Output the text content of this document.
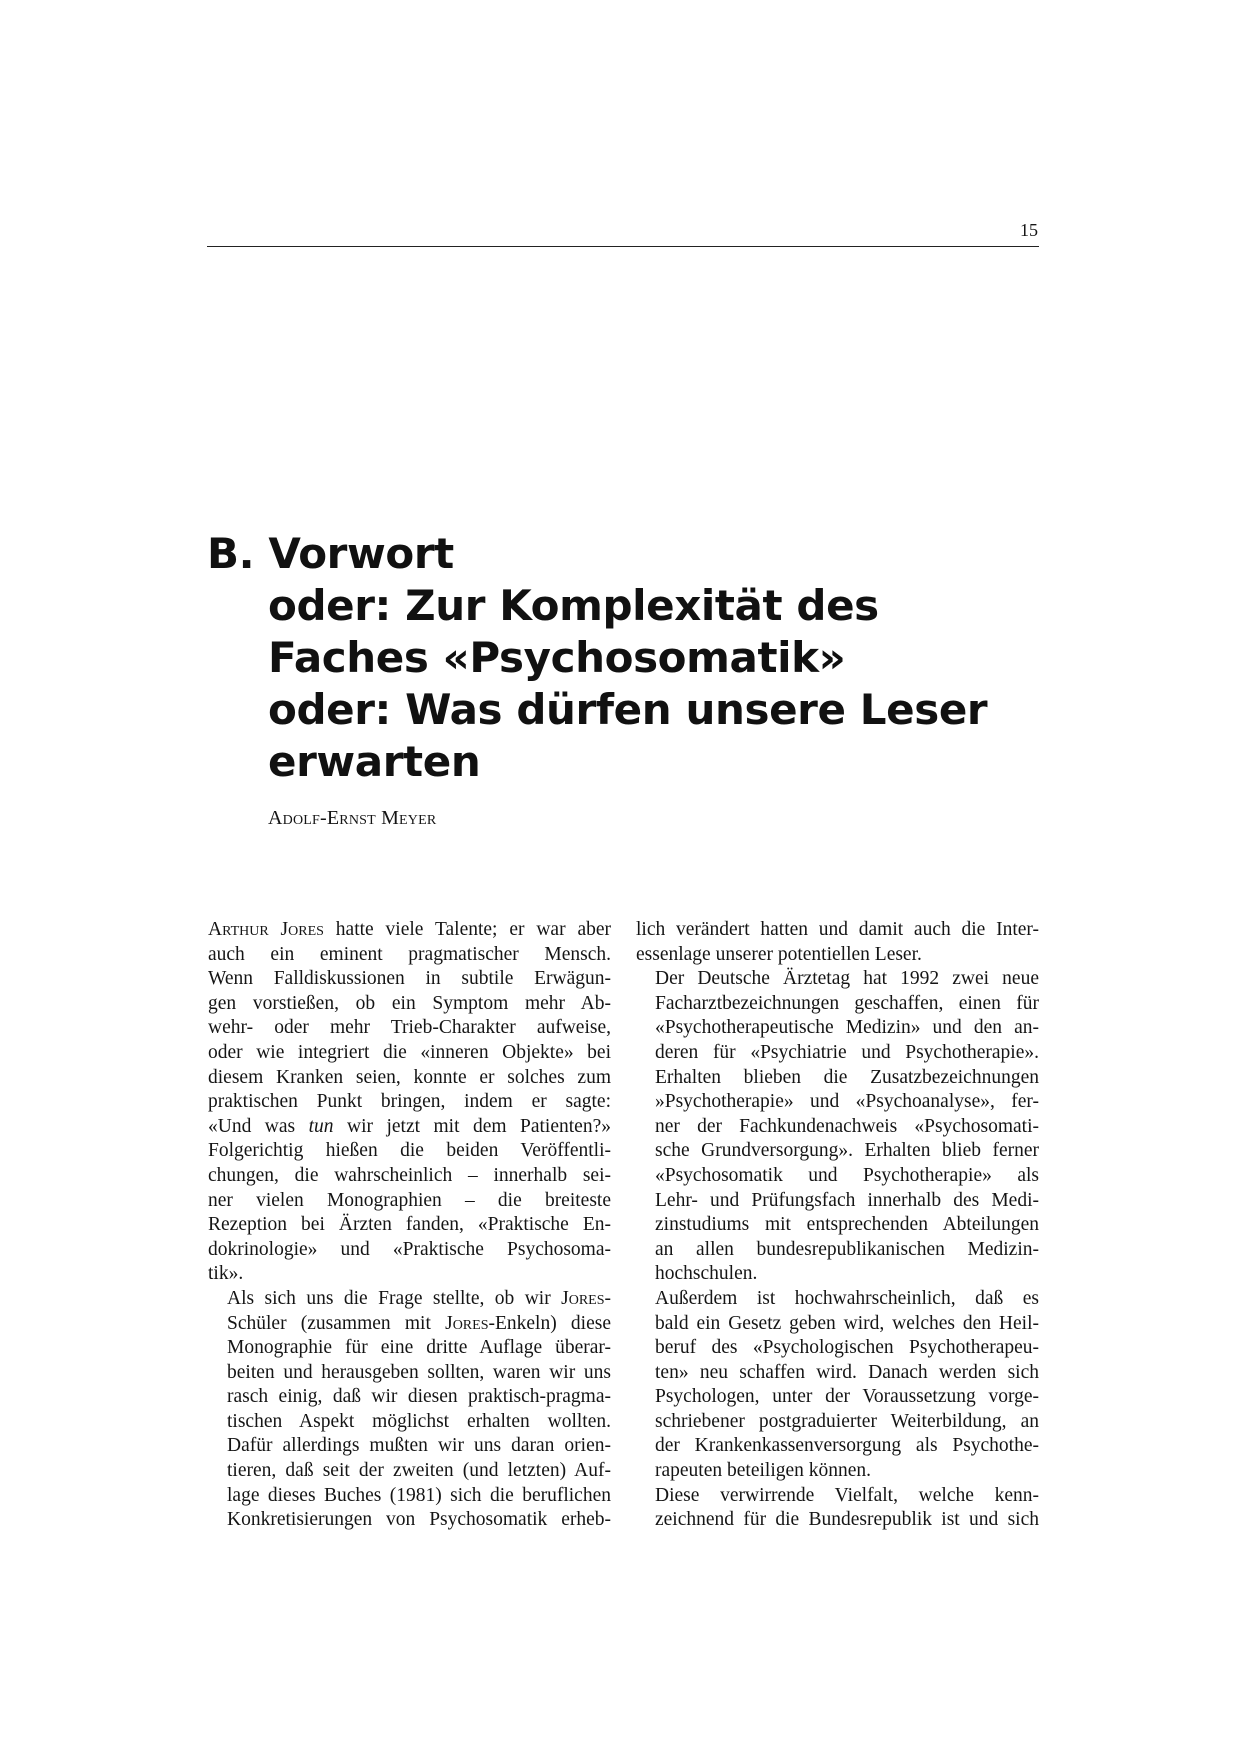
15
B. Vorwort
oder: Zur Komplexität des
Faches «Psychosomatik»
oder: Was dürfen unsere Leser
erwarten
Adolf-Ernst Meyer

Arthur Jores hatte viele Talente; er war aber
auch ein eminent pragmatischer Mensch.
Wenn Falldiskussionen in subtile Erwägun-
gen vorstießen, ob ein Symptom mehr Ab-
wehr- oder mehr Trieb-Charakter aufweise,
oder wie integriert die «inneren Objekte» bei
diesem Kranken seien, konnte er solches zum
praktischen Punkt bringen, indem er sagte:
«Und was tun wir jetzt mit dem Patienten?»
Folgerichtig hießen die beiden Veröffentli-
chungen, die wahrscheinlich – innerhalb sei-
ner vielen Monographien – die breiteste
Rezeption bei Ärzten fanden, «Praktische En-
dokrinologie» und «Praktische Psychosoma-
tik».

Als sich uns die Frage stellte, ob wir Jores-
Schüler (zusammen mit Jores-Enkeln) diese
Monographie für eine dritte Auflage überar-
beiten und herausgeben sollten, waren wir uns
rasch einig, daß wir diesen praktisch-pragma-
tischen Aspekt möglichst erhalten wollten.
Dafür allerdings mußten wir uns daran orien-
tieren, daß seit der zweiten (und letzten) Auf-
lage dieses Buches (1981) sich die beruflichen
Konkretisierungen von Psychosomatik erheb-

lich verändert hatten und damit auch die Inter-
essenlage unserer potentiellen Leser.

Der Deutsche Ärztetag hat 1992 zwei neue
Facharztbezeichnungen geschaffen, einen für
«Psychotherapeutische Medizin» und den an-
deren für «Psychiatrie und Psychotherapie».
Erhalten blieben die Zusatzbezeichnungen
»Psychotherapie» und «Psychoanalyse», fer-
ner der Fachkundenachweis «Psychosomati-
sche Grundversorgung». Erhalten blieb ferner
«Psychosomatik und Psychotherapie» als
Lehr- und Prüfungsfach innerhalb des Medi-
zinstudiums mit entsprechenden Abteilungen
an allen bundesrepublikanischen Medizin-
hochschulen.

Außerdem ist hochwahrscheinlich, daß es
bald ein Gesetz geben wird, welches den Heil-
beruf des «Psychologischen Psychotherapeu-
ten» neu schaffen wird. Danach werden sich
Psychologen, unter der Voraussetzung vorge-
schriebener postgraduierter Weiterbildung, an
der Krankenkassenversorgung als Psychothe-
rapeuten beteiligen können.

Diese verwirrende Vielfalt, welche kenn-
zeichnend für die Bundesrepublik ist und sich
